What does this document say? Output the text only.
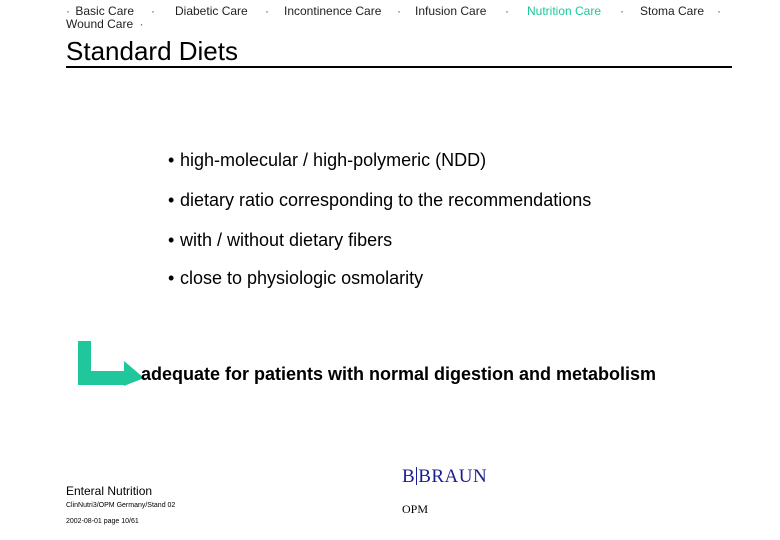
· Basic Care · Diabetic Care · Incontinence Care · Infusion Care · Nutrition Care · Stoma Care ·
Wound Care ·
Standard Diets
• high-molecular / high-polymeric (NDD)
• dietary ratio corresponding to the recommendations
• with / without dietary fibers
• close to physiologic osmolarity
adequate for patients with normal digestion and metabolism
Enteral Nutrition
ClinNutri3/OPM Germany/Stand 02
2002-08-01 page 10/61
B BRAUN
OPM
